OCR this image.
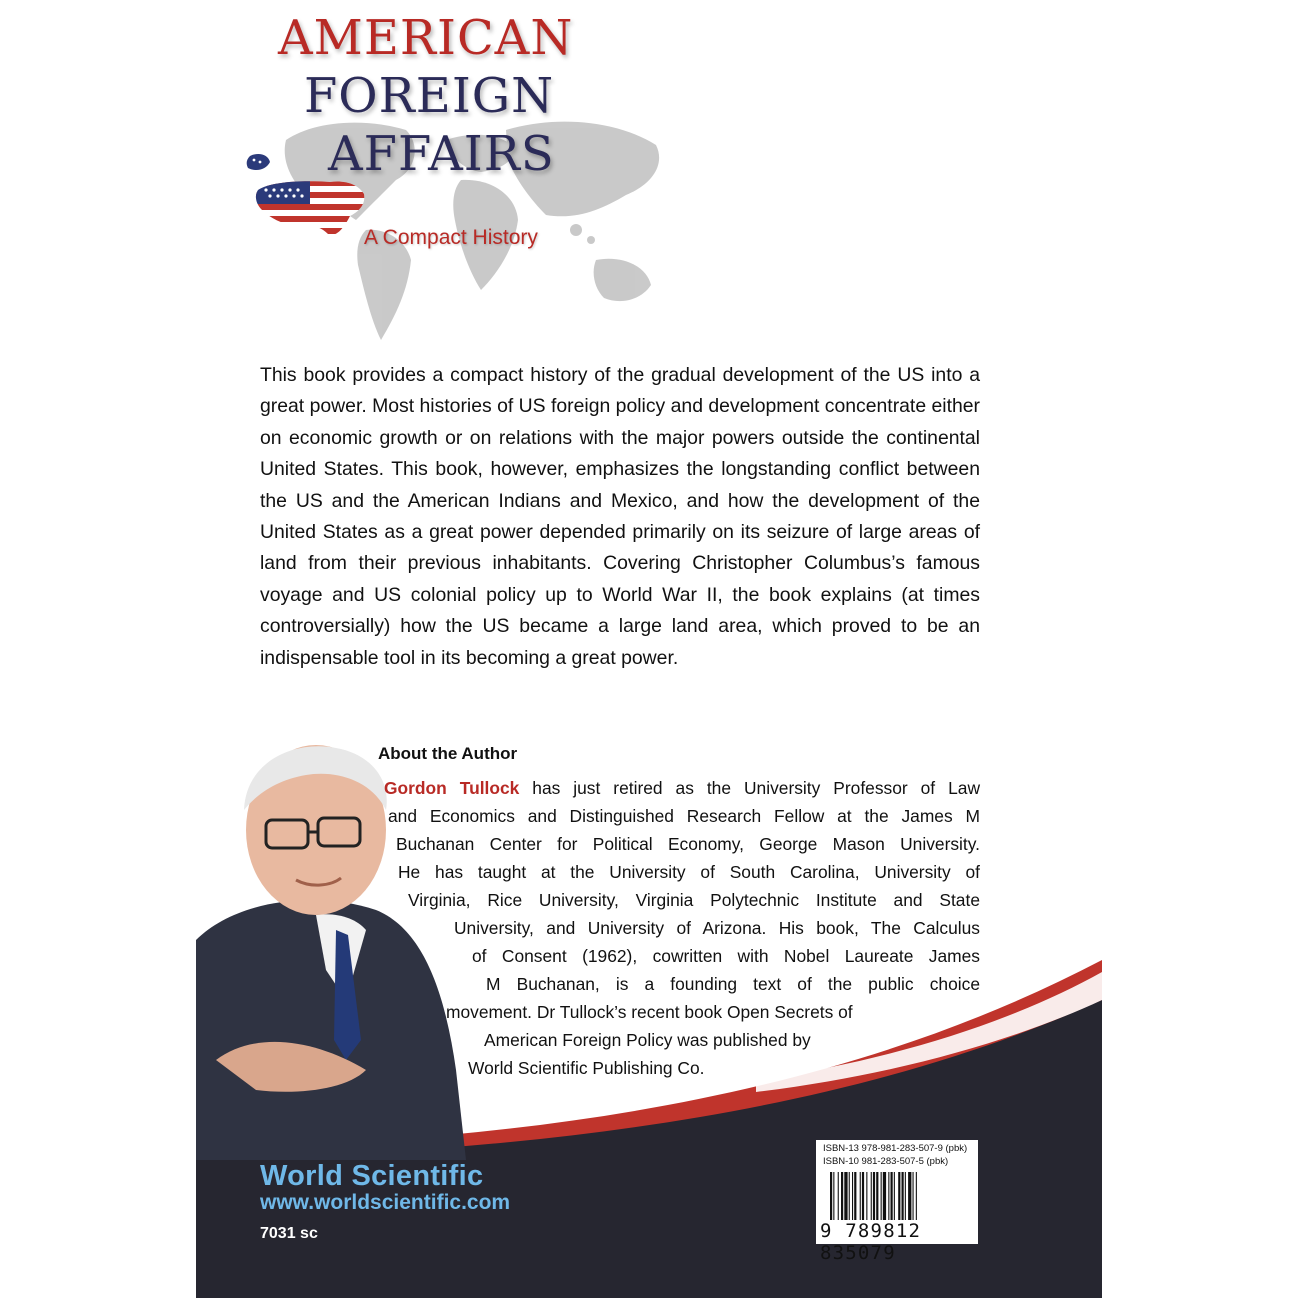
AMERICAN
FOREIGN
AFFAIRS
A Compact History
This book provides a compact history of the gradual development of the US into a great power. Most histories of US foreign policy and development concentrate either on economic growth or on relations with the major powers outside the continental United States. This book, however, emphasizes the longstanding conflict between the US and the American Indians and Mexico, and how the development of the United States as a great power depended primarily on its seizure of large areas of land from their previous inhabitants. Covering Christopher Columbus’s famous voyage and US colonial policy up to World War II, the book explains (at times controversially) how the US became a large land area, which proved to be an indispensable tool in its becoming a great power.
About the Author
Gordon Tullock has just retired as the University Professor of Law
and Economics and Distinguished Research Fellow at the James M
Buchanan Center for Political Economy, George Mason University.
He has taught at the University of South Carolina, University of
Virginia, Rice University, Virginia Polytechnic Institute and State
University, and University of Arizona. His book, The Calculus
of Consent (1962), cowritten with Nobel Laureate James
M Buchanan, is a founding text of the public choice
movement. Dr Tullock’s recent book Open Secrets of
American Foreign Policy was published by
World Scientific Publishing Co.
World Scientific
www.worldscientific.com
7031 sc
ISBN-13 978-981-283-507-9 (pbk)
ISBN-10 981-283-507-5 (pbk)
9 789812 835079
